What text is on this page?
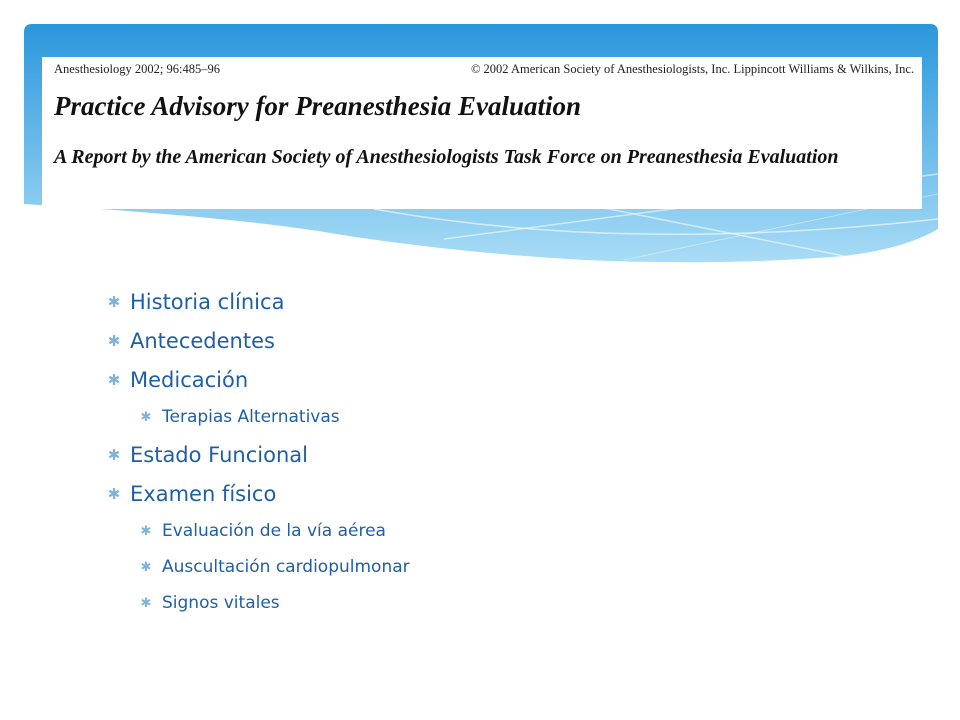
Anesthesiology 2002; 96:485–96	© 2002 American Society of Anesthesiologists, Inc. Lippincott Williams & Wilkins, Inc.
Practice Advisory for Preanesthesia Evaluation
A Report by the American Society of Anesthesiologists Task Force on Preanesthesia Evaluation
✱ Historia clínica
✱ Antecedentes
✱ Medicación
✱ Terapias Alternativas
✱ Estado Funcional
✱ Examen físico
✱ Evaluación de la vía aérea
✱ Auscultación cardiopulmonar
✱ Signos vitales
